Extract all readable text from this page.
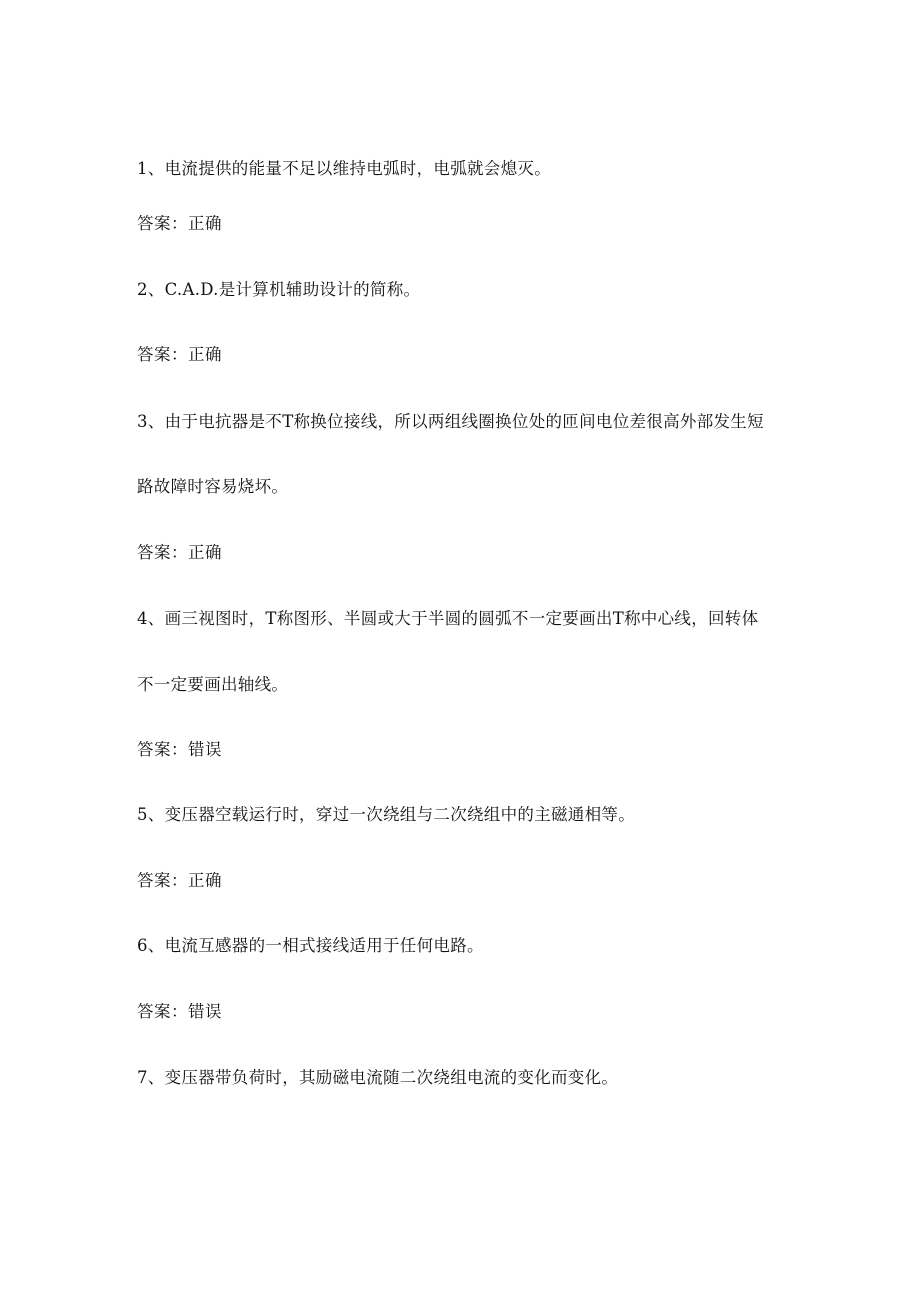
1、电流提供的能量不足以维持电弧时，电弧就会熄灭。
答案：正确
2、C.A.D.是计算机辅助设计的简称。
答案：正确
3、由于电抗器是不T称换位接线，所以两组线圈换位处的匝间电位差很高外部发生短
路故障时容易烧坏。
答案：正确
4、画三视图时，T称图形、半圆或大于半圆的圆弧不一定要画出T称中心线，回转体
不一定要画出轴线。
答案：错误
5、变压器空载运行时，穿过一次绕组与二次绕组中的主磁通相等。
答案：正确
6、电流互感器的一相式接线适用于任何电路。
答案：错误
7、变压器带负荷时，其励磁电流随二次绕组电流的变化而变化。
